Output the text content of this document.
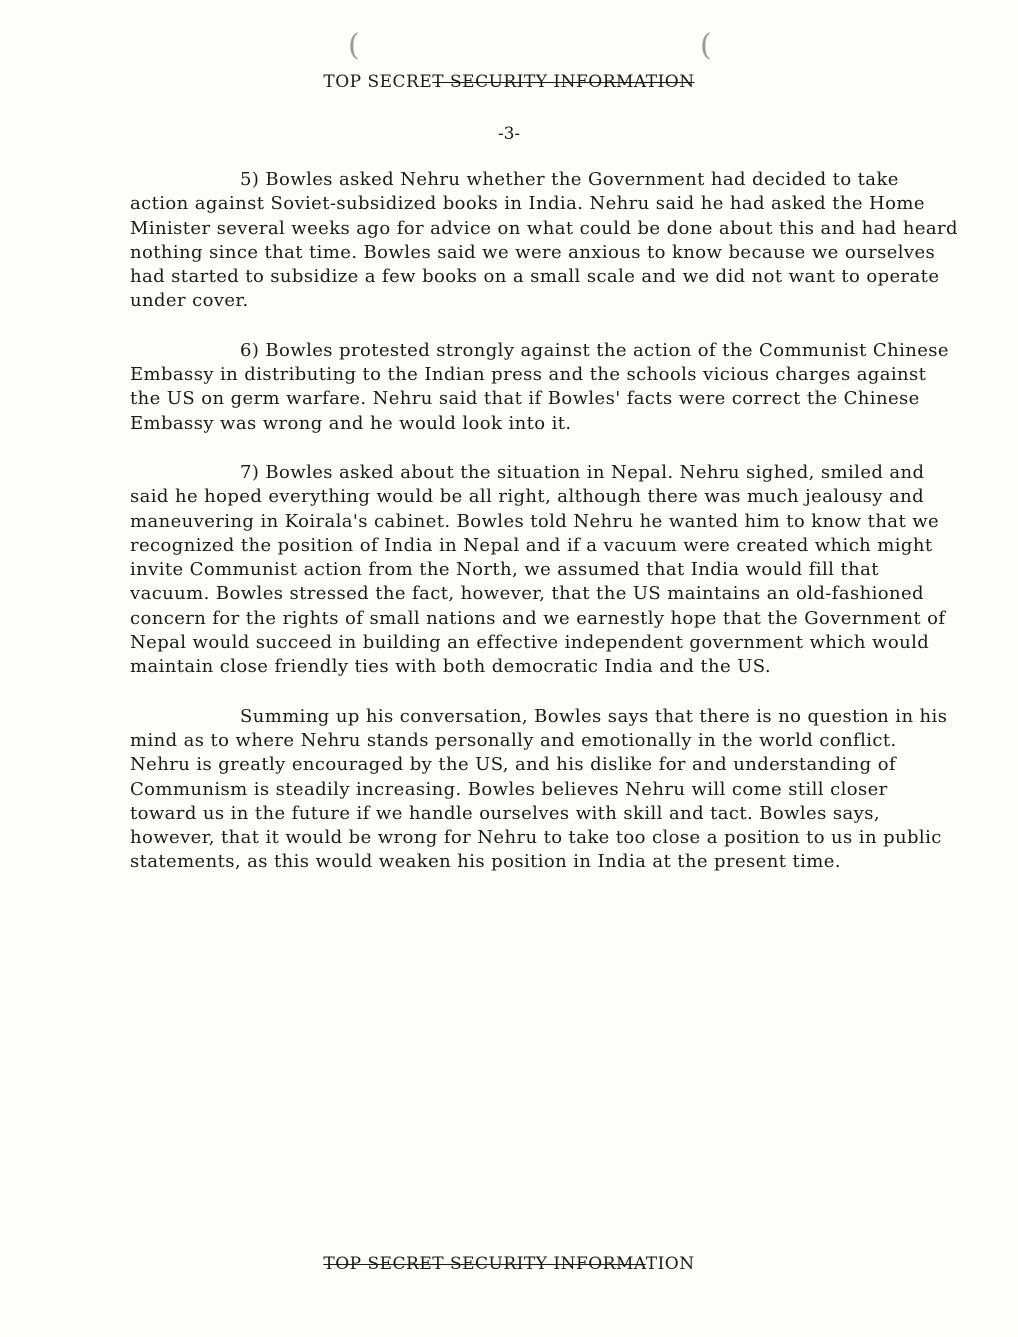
(	(
TOP SECRET SECURITY INFORMATION
-3-

5) Bowles asked Nehru whether the Government had decided to take action against Soviet-subsidized books in India. Nehru said he had asked the Home Minister several weeks ago for advice on what could be done about this and had heard nothing since that time. Bowles said we were anxious to know because we ourselves had started to subsidize a few books on a small scale and we did not want to operate under cover.

6) Bowles protested strongly against the action of the Communist Chinese Embassy in distributing to the Indian press and the schools vicious charges against the US on germ warfare. Nehru said that if Bowles' facts were correct the Chinese Embassy was wrong and he would look into it.

7) Bowles asked about the situation in Nepal. Nehru sighed, smiled and said he hoped everything would be all right, although there was much jealousy and maneuvering in Koirala's cabinet. Bowles told Nehru he wanted him to know that we recognized the position of India in Nepal and if a vacuum were created which might invite Communist action from the North, we assumed that India would fill that vacuum. Bowles stressed the fact, however, that the US maintains an old-fashioned concern for the rights of small nations and we earnestly hope that the Government of Nepal would succeed in building an effective independent government which would maintain close friendly ties with both democratic India and the US.

Summing up his conversation, Bowles says that there is no question in his mind as to where Nehru stands personally and emotionally in the world conflict. Nehru is greatly encouraged by the US, and his dislike for and understanding of Communism is steadily increasing. Bowles believes Nehru will come still closer toward us in the future if we handle ourselves with skill and tact. Bowles says, however, that it would be wrong for Nehru to take too close a position to us in public statements, as this would weaken his position in India at the present time.

TOP SECRET SECURITY INFORMATION
